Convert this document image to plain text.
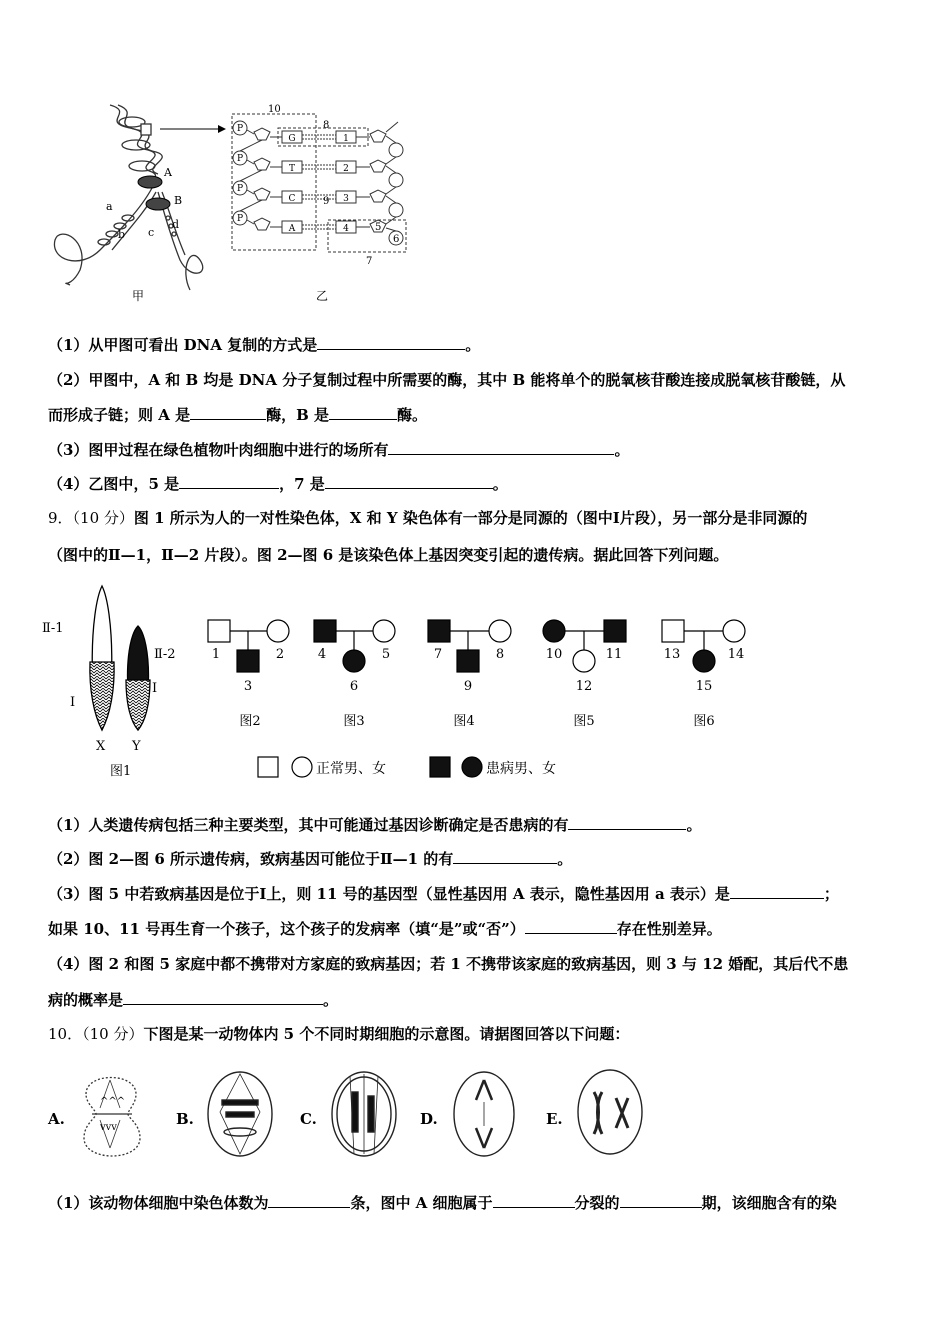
A
B
a
b c
d
甲
P
P
P
P
G
T
C
A
1
2
3
4
10
8
9
7
5
6
乙
（1）从甲图可看出 DNA 复制的方式是	。
（2）甲图中，A 和 B 均是 DNA 分子复制过程中所需要的酶，其中 B 能将单个的脱氧核苷酸连接成脱氧核苷酸链，从
而形成子链；则 A 是	酶，B 是	酶。
（3）图甲过程在绿色植物叶肉细胞中进行的场所有	。
（4）乙图中，5 是	，7 是	。
9．（10 分）图 1 所示为人的一对性染色体，X 和 Y 染色体有一部分是同源的（图中Ⅰ片段），另一部分是非同源的
（图中的Ⅱ—1，Ⅱ—2 片段）。图 2—图 6 是该染色体上基因突变引起的遗传病。据此回答下列问题。
Ⅱ-1
Ⅱ-2
Ⅰ
Ⅰ
X Y
图1
1	2
3
图2
4	5
6
图3
7	8
9
图4
正常男、女	患病男、女
10	11
12
图5
13	14
15
图6
（1）人类遗传病包括三种主要类型，其中可能通过基因诊断确定是否患病的有	。
（2）图 2—图 6 所示遗传病，致病基因可能位于Ⅱ—1 的有	。
（3）图 5 中若致病基因是位于Ⅰ上，则 11 号的基因型（显性基因用 A 表示，隐性基因用 a 表示）是	；
如果 10、11 号再生育一个孩子，这个孩子的发病率（填“是”或“否”）	存在性别差异。
（4）图 2 和图 5 家庭中都不携带对方家庭的致病基因；若 1 不携带该家庭的致病基因，则 3 与 12 婚配，其后代不患
病的概率是	。
10．（10 分）下图是某一动物体内 5 个不同时期细胞的示意图。请据图回答以下问题：
A.	B.	C.	D.	E.
^^^
vvv
（1）该动物体细胞中染色体数为	条，图中 A 细胞属于	分裂的	期，该细胞含有的染
